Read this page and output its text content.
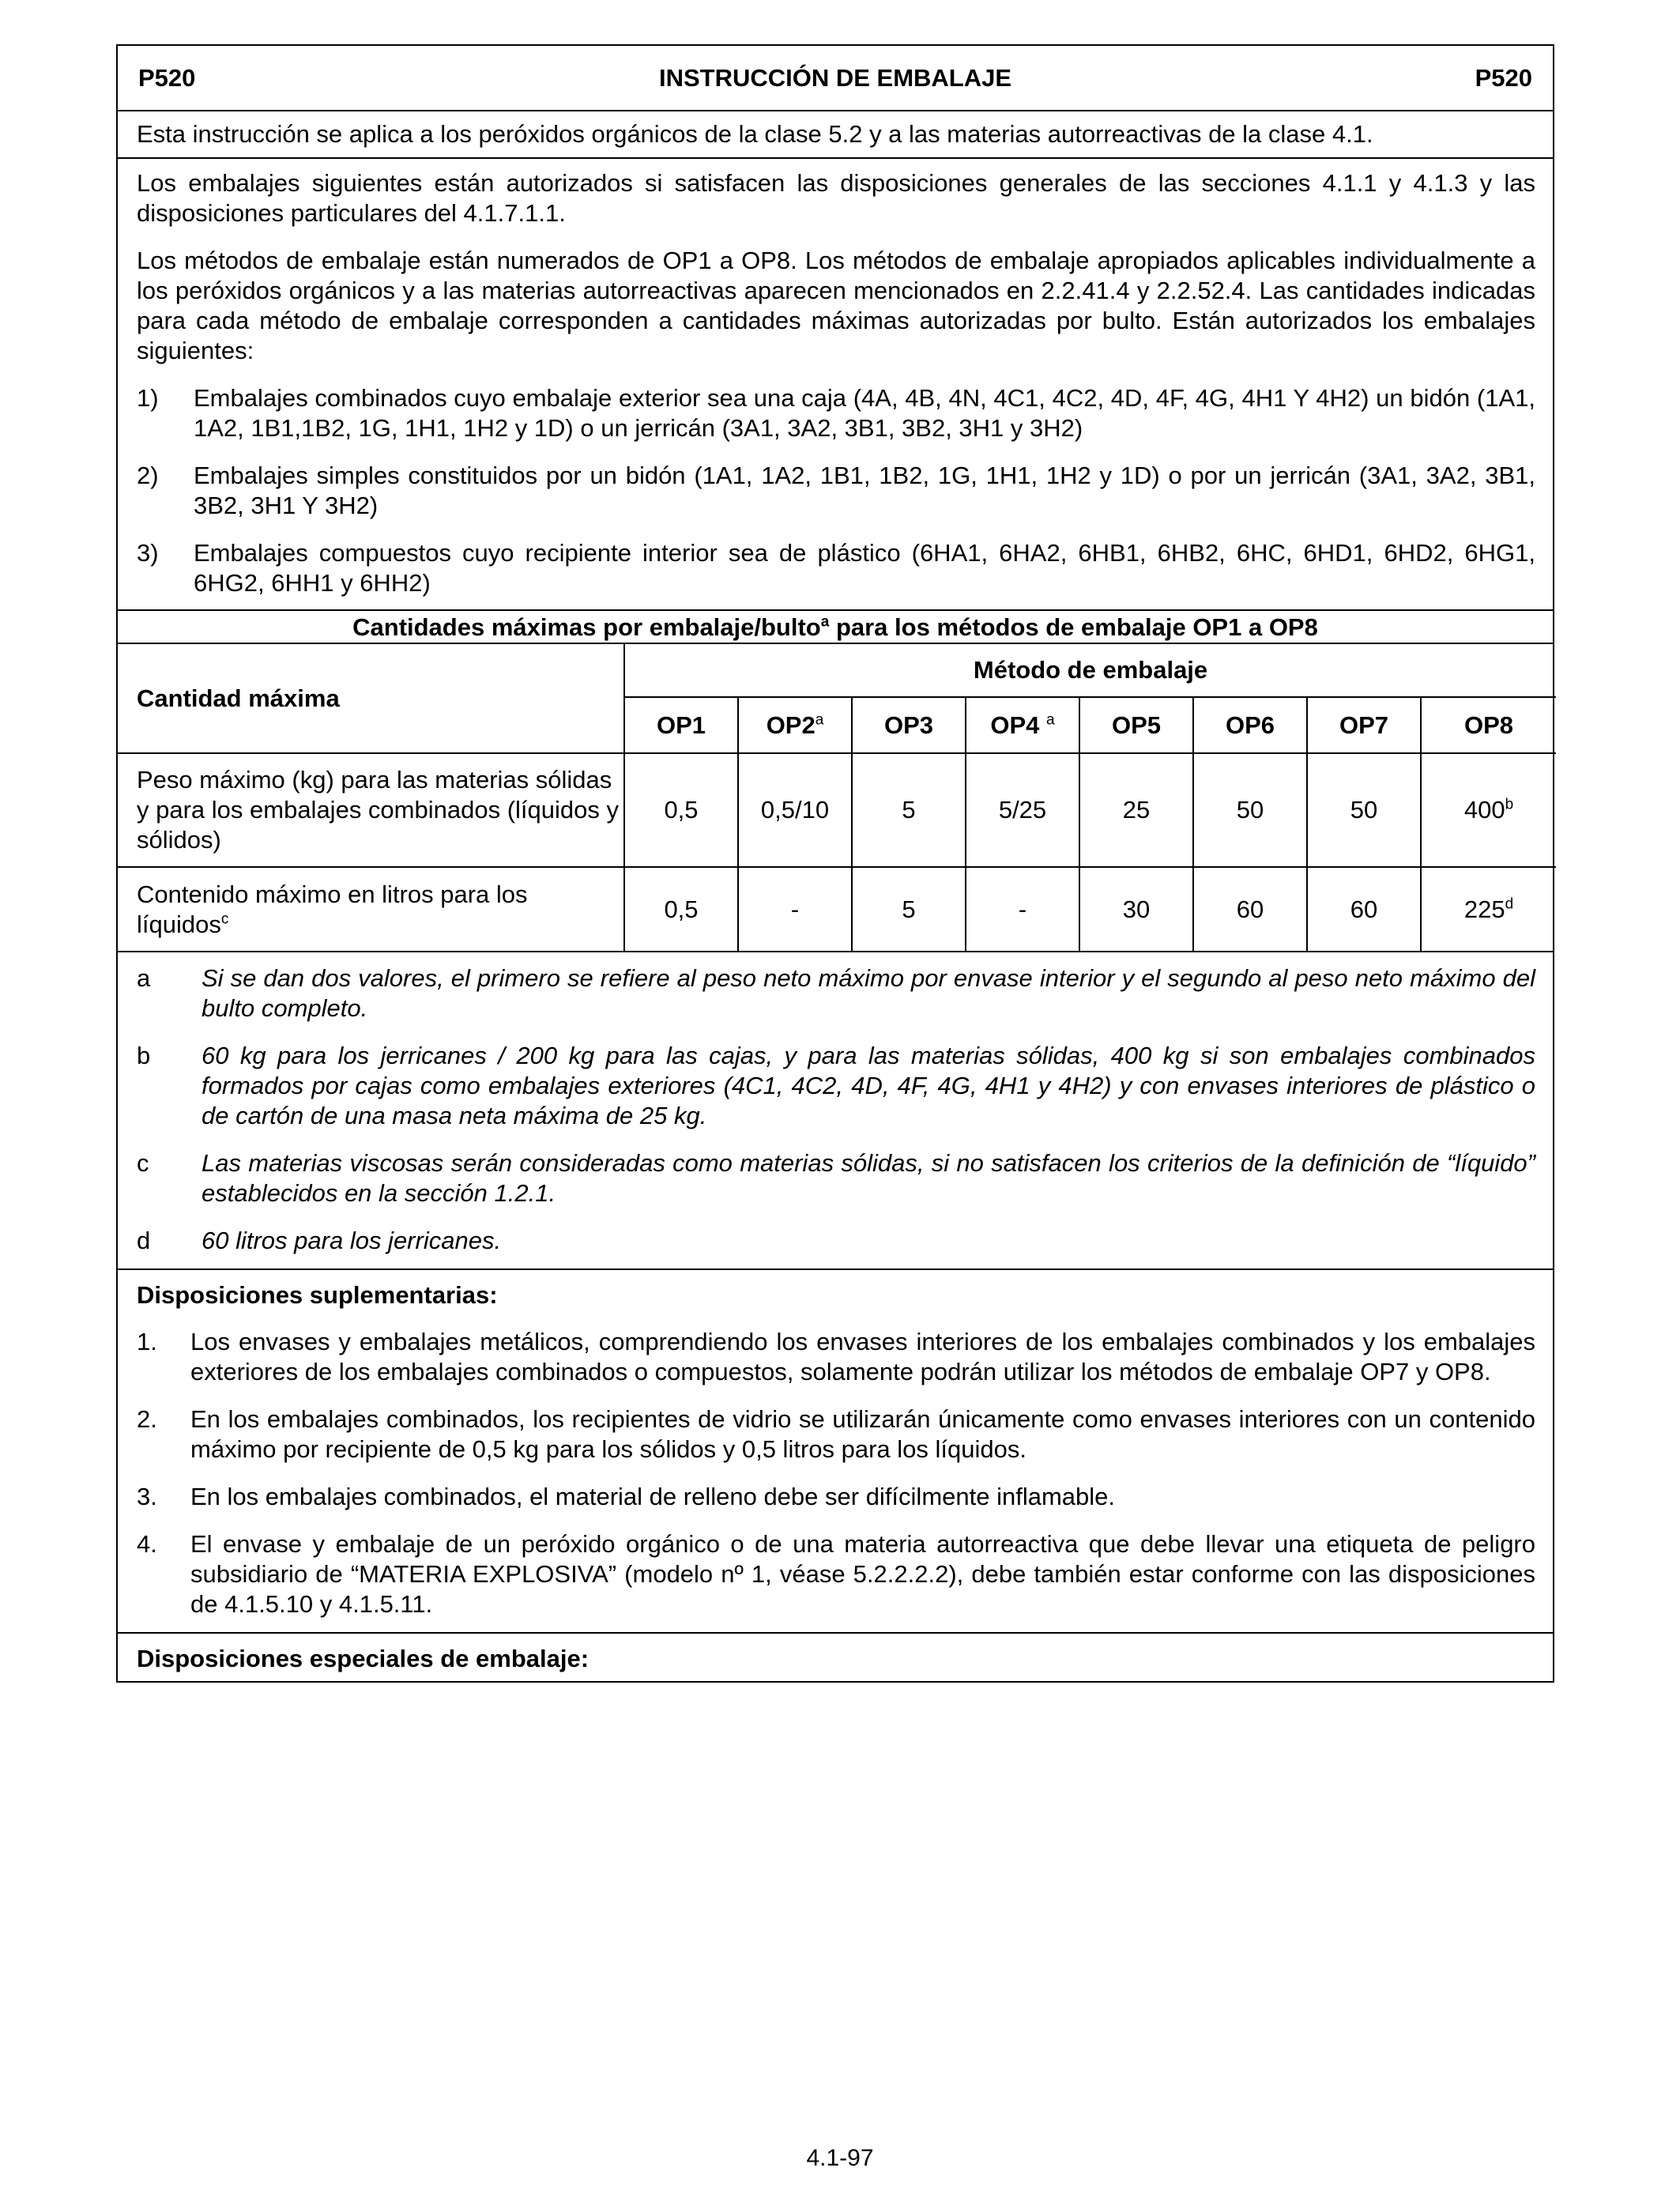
P520	INSTRUCCIÓN DE EMBALAJE	P520
Esta instrucción se aplica a los peróxidos orgánicos de la clase 5.2 y a las materias autorreactivas de la clase 4.1.

Los embalajes siguientes están autorizados si satisfacen las disposiciones generales de las secciones 4.1.1 y 4.1.3 y las disposiciones particulares del 4.1.7.1.1.

Los métodos de embalaje están numerados de OP1 a OP8. Los métodos de embalaje apropiados aplicables individualmente a los peróxidos orgánicos y a las materias autorreactivas aparecen mencionados en 2.2.41.4 y 2.2.52.4. Las cantidades indicadas para cada método de embalaje corresponden a cantidades máximas autorizadas por bulto. Están autorizados los embalajes siguientes:

1)	Embalajes combinados cuyo embalaje exterior sea una caja (4A, 4B, 4N, 4C1, 4C2, 4D, 4F, 4G, 4H1 Y 4H2) un bidón (1A1, 1A2, 1B1,1B2, 1G, 1H1, 1H2 y 1D) o un jerricán (3A1, 3A2, 3B1, 3B2, 3H1 y 3H2)
2)	Embalajes simples constituidos por un bidón (1A1, 1A2, 1B1, 1B2, 1G, 1H1, 1H2 y 1D) o por un jerricán (3A1, 3A2, 3B1, 3B2, 3H1 Y 3H2)
3)	Embalajes compuestos cuyo recipiente interior sea de plástico (6HA1, 6HA2, 6HB1, 6HB2, 6HC, 6HD1, 6HD2, 6HG1, 6HG2, 6HH1 y 6HH2)
Cantidades máximas por embalaje/bulto$^a$ para los métodos de embalaje OP1 a OP8
Cantidad máxima	Método de embalaje							
	OP1	OP2$^a$	OP3	OP4 $^a$	OP5	OP6	OP7	OP8
Peso máximo (kg) para las materias sólidas y para los embalajes combinados (líquidos y sólidos)	0,5	0,5/10	5	5/25	25	50	50	400$^b$
Contenido máximo en litros para los líquidos$^c$	0,5	-	5	-	30	60	60	225$^d$
a	Si se dan dos valores, el primero se refiere al peso neto máximo por envase interior y el segundo al peso neto máximo del bulto completo.
b	60 kg para los jerricanes / 200 kg para las cajas, y para las materias sólidas, 400 kg si son embalajes combinados formados por cajas como embalajes exteriores (4C1, 4C2, 4D, 4F, 4G, 4H1 y 4H2) y con envases interiores de plástico o de cartón de una masa neta máxima de 25 kg.
c	Las materias viscosas serán consideradas como materias sólidas, si no satisfacen los criterios de la definición de “líquido” establecidos en la sección 1.2.1.
d	60 litros para los jerricanes.
Disposiciones suplementarias:
1.	Los envases y embalajes metálicos, comprendiendo los envases interiores de los embalajes combinados y los embalajes exteriores de los embalajes combinados o compuestos, solamente podrán utilizar los métodos de embalaje OP7 y OP8.
2.	En los embalajes combinados, los recipientes de vidrio se utilizarán únicamente como envases interiores con un contenido máximo por recipiente de 0,5 kg para los sólidos y 0,5 litros para los líquidos.
3.	En los embalajes combinados, el material de relleno debe ser difícilmente inflamable.
4.	El envase y embalaje de un peróxido orgánico o de una materia autorreactiva que debe llevar una etiqueta de peligro subsidiario de “MATERIA EXPLOSIVA” (modelo nº 1, véase 5.2.2.2.2), debe también estar conforme con las disposiciones de 4.1.5.10 y 4.1.5.11.
Disposiciones especiales de embalaje:
4.1-97
